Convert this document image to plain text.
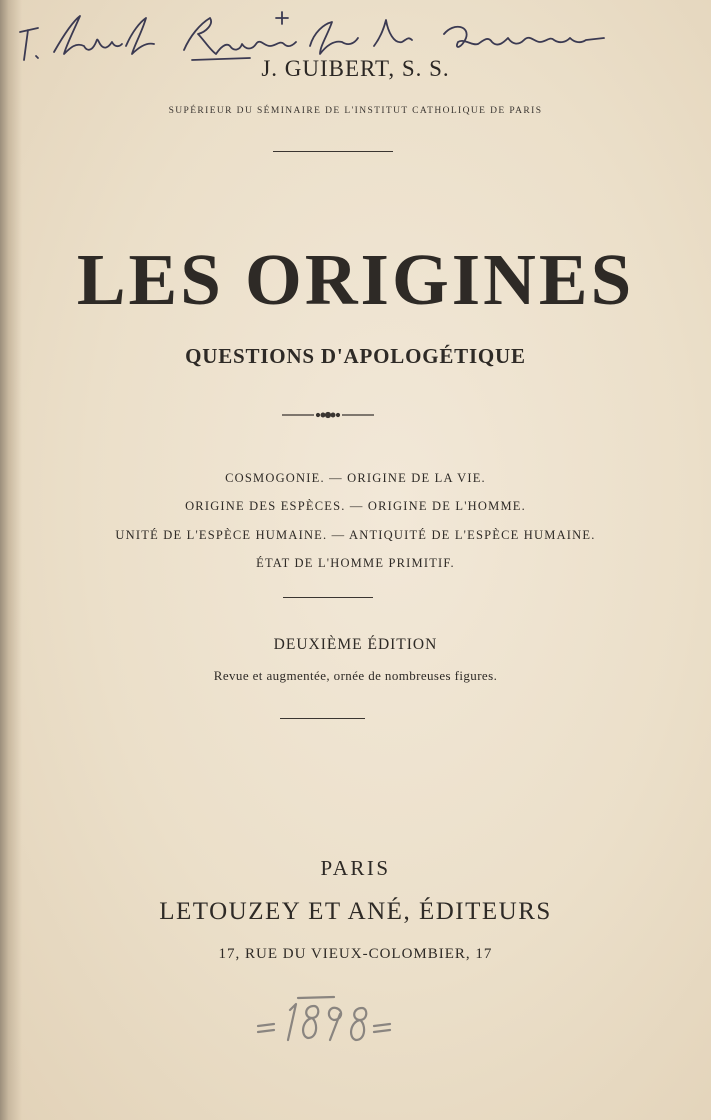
J. GUIBERT, S. S.
SUPÉRIEUR DU SÉMINAIRE DE L'INSTITUT CATHOLIQUE DE PARIS
LES ORIGINES
QUESTIONS D'APOLOGÉTIQUE
COSMOGONIE. — ORIGINE DE LA VIE.
ORIGINE DES ESPÈCES. — ORIGINE DE L'HOMME.
UNITÉ DE L'ESPÈCE HUMAINE. — ANTIQUITÉ DE L'ESPÈCE HUMAINE.
ÉTAT DE L'HOMME PRIMITIF.
DEUXIÈME ÉDITION
Revue et augmentée, ornée de nombreuses figures.
PARIS
LETOUZEY ET ANÉ, ÉDITEURS
17, RUE DU VIEUX-COLOMBIER, 17
